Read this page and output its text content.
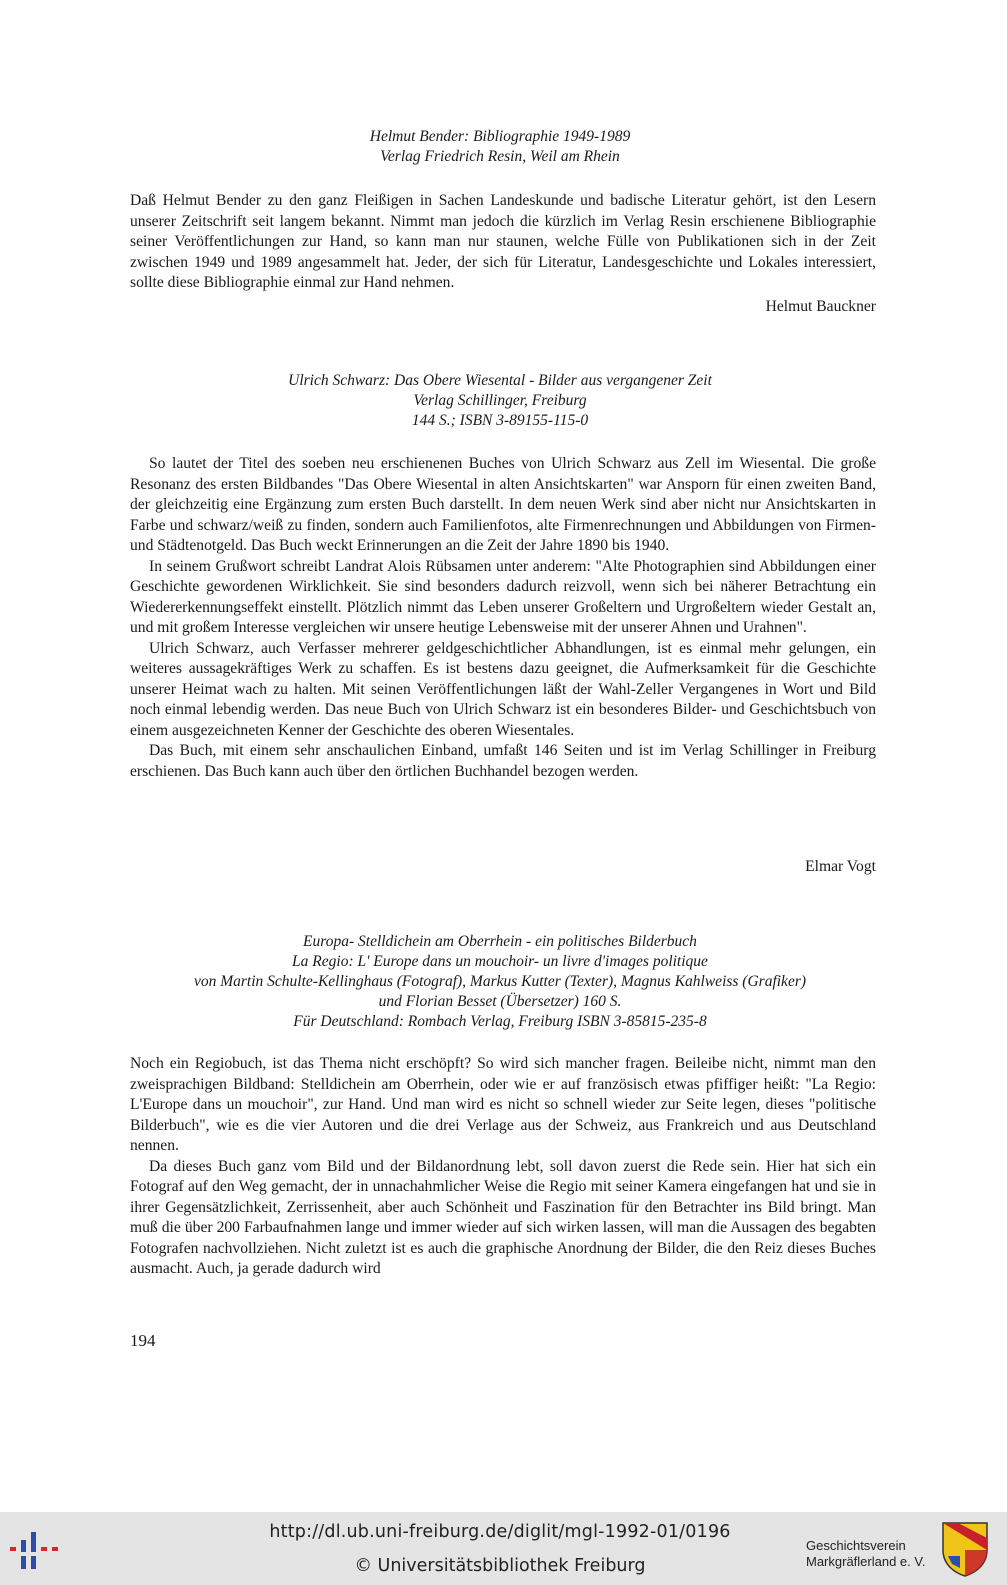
Helmut Bender: Bibliographie 1949-1989
Verlag Friedrich Resin, Weil am Rhein

Daß Helmut Bender zu den ganz Fleißigen in Sachen Landeskunde und badische Literatur gehört, ist den Lesern unserer Zeitschrift seit langem bekannt. Nimmt man jedoch die kürzlich im Verlag Resin erschienene Bibliographie seiner Veröffentlichungen zur Hand, so kann man nur staunen, welche Fülle von Publikationen sich in der Zeit zwischen 1949 und 1989 angesammelt hat. Jeder, der sich für Literatur, Landesgeschichte und Lokales interessiert, sollte diese Bibliographie einmal zur Hand nehmen.

Helmut Bauckner
Ulrich Schwarz: Das Obere Wiesental - Bilder aus vergangener Zeit
Verlag Schillinger, Freiburg
144 S.; ISBN 3-89155-115-0

So lautet der Titel des soeben neu erschienenen Buches von Ulrich Schwarz aus Zell im Wiesental. Die große Resonanz des ersten Bildbandes "Das Obere Wiesental in alten Ansichtskarten" war Ansporn für einen zweiten Band, der gleichzeitig eine Ergänzung zum ersten Buch darstellt. In dem neuen Werk sind aber nicht nur Ansichtskarten in Farbe und schwarz/weiß zu finden, sondern auch Familienfotos, alte Firmenrechnungen und Abbildungen von Firmen- und Städtenotgeld. Das Buch weckt Erinnerungen an die Zeit der Jahre 1890 bis 1940.

In seinem Grußwort schreibt Landrat Alois Rübsamen unter anderem: "Alte Photographien sind Abbildungen einer Geschichte gewordenen Wirklichkeit. Sie sind besonders dadurch reizvoll, wenn sich bei näherer Betrachtung ein Wiedererkennungseffekt einstellt. Plötzlich nimmt das Leben unserer Großeltern und Urgroßeltern wieder Gestalt an, und mit großem Interesse vergleichen wir unsere heutige Lebensweise mit der unserer Ahnen und Urahnen".

Ulrich Schwarz, auch Verfasser mehrerer geldgeschichtlicher Abhandlungen, ist es einmal mehr gelungen, ein weiteres aussagekräftiges Werk zu schaffen. Es ist bestens dazu geeignet, die Aufmerksamkeit für die Geschichte unserer Heimat wach zu halten. Mit seinen Veröffentlichungen läßt der Wahl-Zeller Vergangenes in Wort und Bild noch einmal lebendig werden. Das neue Buch von Ulrich Schwarz ist ein besonderes Bilder- und Geschichtsbuch von einem ausgezeichneten Kenner der Geschichte des oberen Wiesentales.

Das Buch, mit einem sehr anschaulichen Einband, umfaßt 146 Seiten und ist im Verlag Schillinger in Freiburg erschienen. Das Buch kann auch über den örtlichen Buchhandel bezogen werden.

Elmar Vogt
Europa- Stelldichein am Oberrhein - ein politisches Bilderbuch
La Regio: L' Europe dans un mouchoir- un livre d'images politique
von Martin Schulte-Kellinghaus (Fotograf), Markus Kutter (Texter), Magnus Kahlweiss (Grafiker)
und Florian Besset (Übersetzer) 160 S.
Für Deutschland: Rombach Verlag, Freiburg ISBN 3-85815-235-8

Noch ein Regiobuch, ist das Thema nicht erschöpft? So wird sich mancher fragen. Beileibe nicht, nimmt man den zweisprachigen Bildband: Stelldichein am Oberrhein, oder wie er auf französisch etwas pfiffiger heißt: "La Regio: L'Europe dans un mouchoir", zur Hand. Und man wird es nicht so schnell wieder zur Seite legen, dieses "politische Bilderbuch", wie es die vier Autoren und die drei Verlage aus der Schweiz, aus Frankreich und aus Deutschland nennen.

Da dieses Buch ganz vom Bild und der Bildanordnung lebt, soll davon zuerst die Rede sein. Hier hat sich ein Fotograf auf den Weg gemacht, der in unnachahmlicher Weise die Regio mit seiner Kamera eingefangen hat und sie in ihrer Gegensätzlichkeit, Zerrissenheit, aber auch Schönheit und Faszination für den Betrachter ins Bild bringt. Man muß die über 200 Farbaufnahmen lange und immer wieder auf sich wirken lassen, will man die Aussagen des begabten Fotografen nachvollziehen. Nicht zuletzt ist es auch die graphische Anordnung der Bilder, die den Reiz dieses Buches ausmacht. Auch, ja gerade dadurch wird

194
http://dl.ub.uni-freiburg.de/diglit/mgl-1992-01/0196
© Universitätsbibliothek Freiburg
Geschichtsverein
Markgräflerland e. V.
